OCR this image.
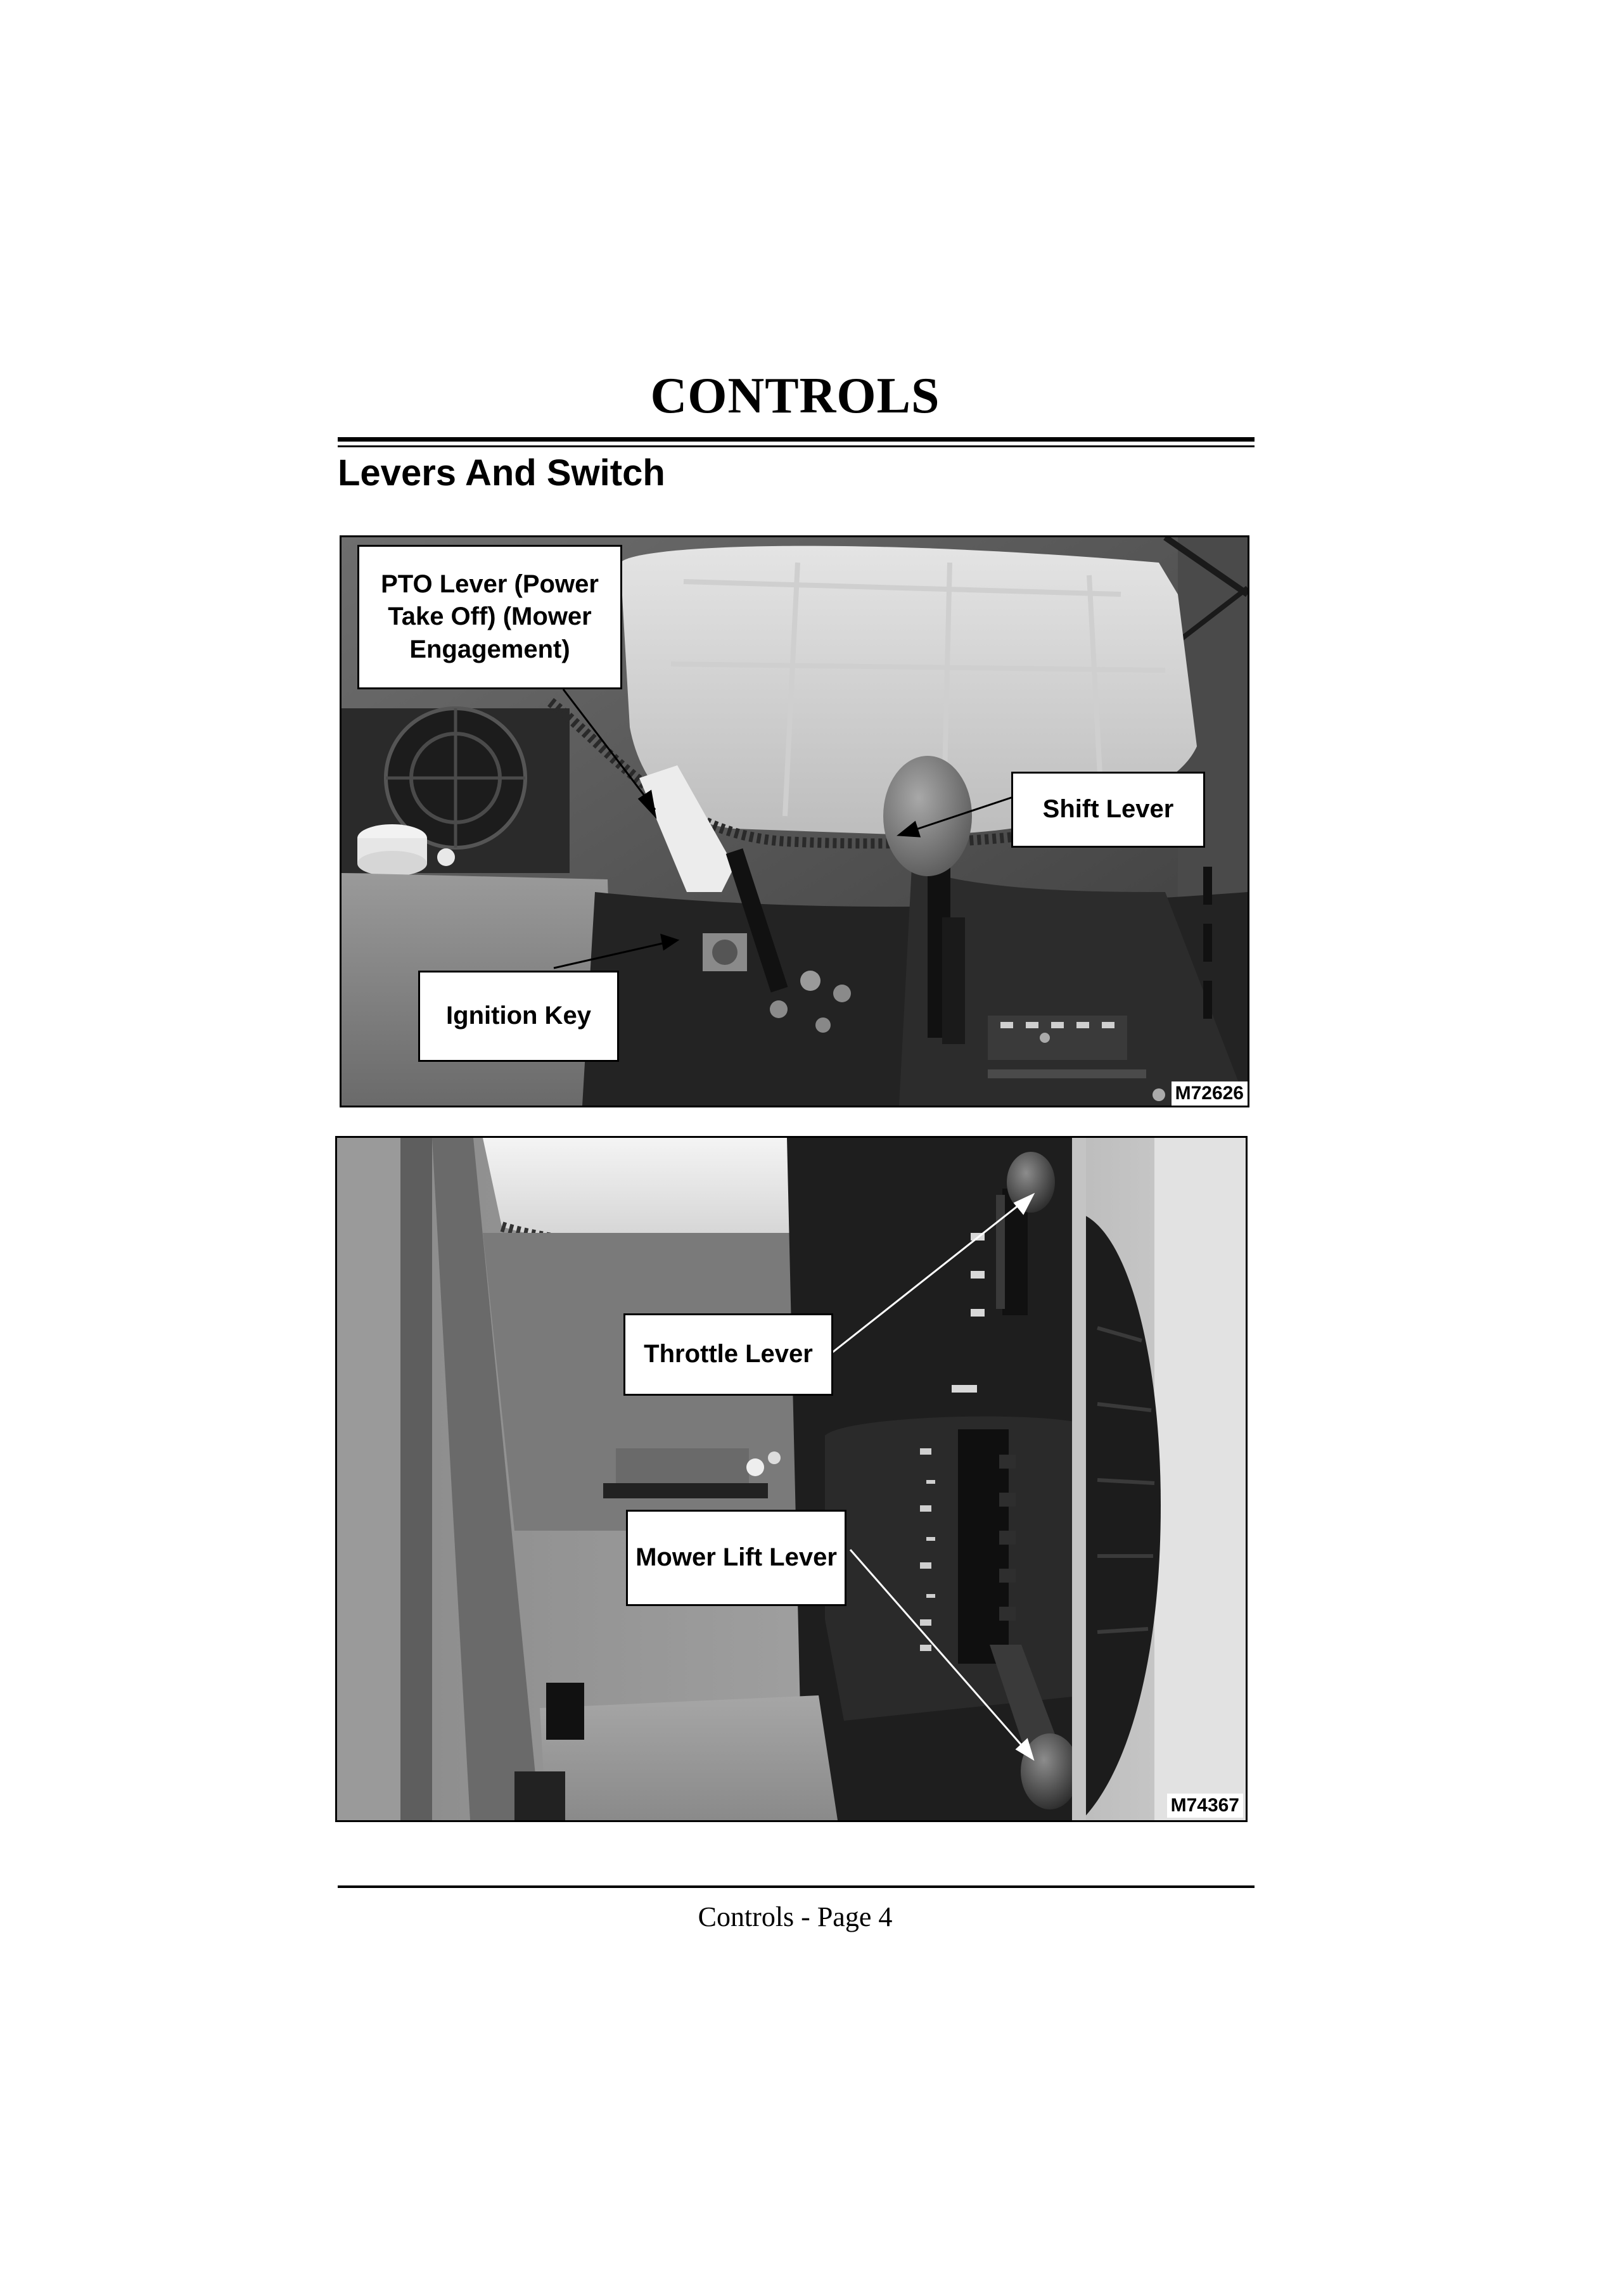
CONTROLS
Levers And Switch
PTO Lever (Power Take Off) (Mower Engagement)
Shift Lever
Ignition Key
M72626
Throttle Lever
Mower Lift Lever
M74367
Controls - Page 4
